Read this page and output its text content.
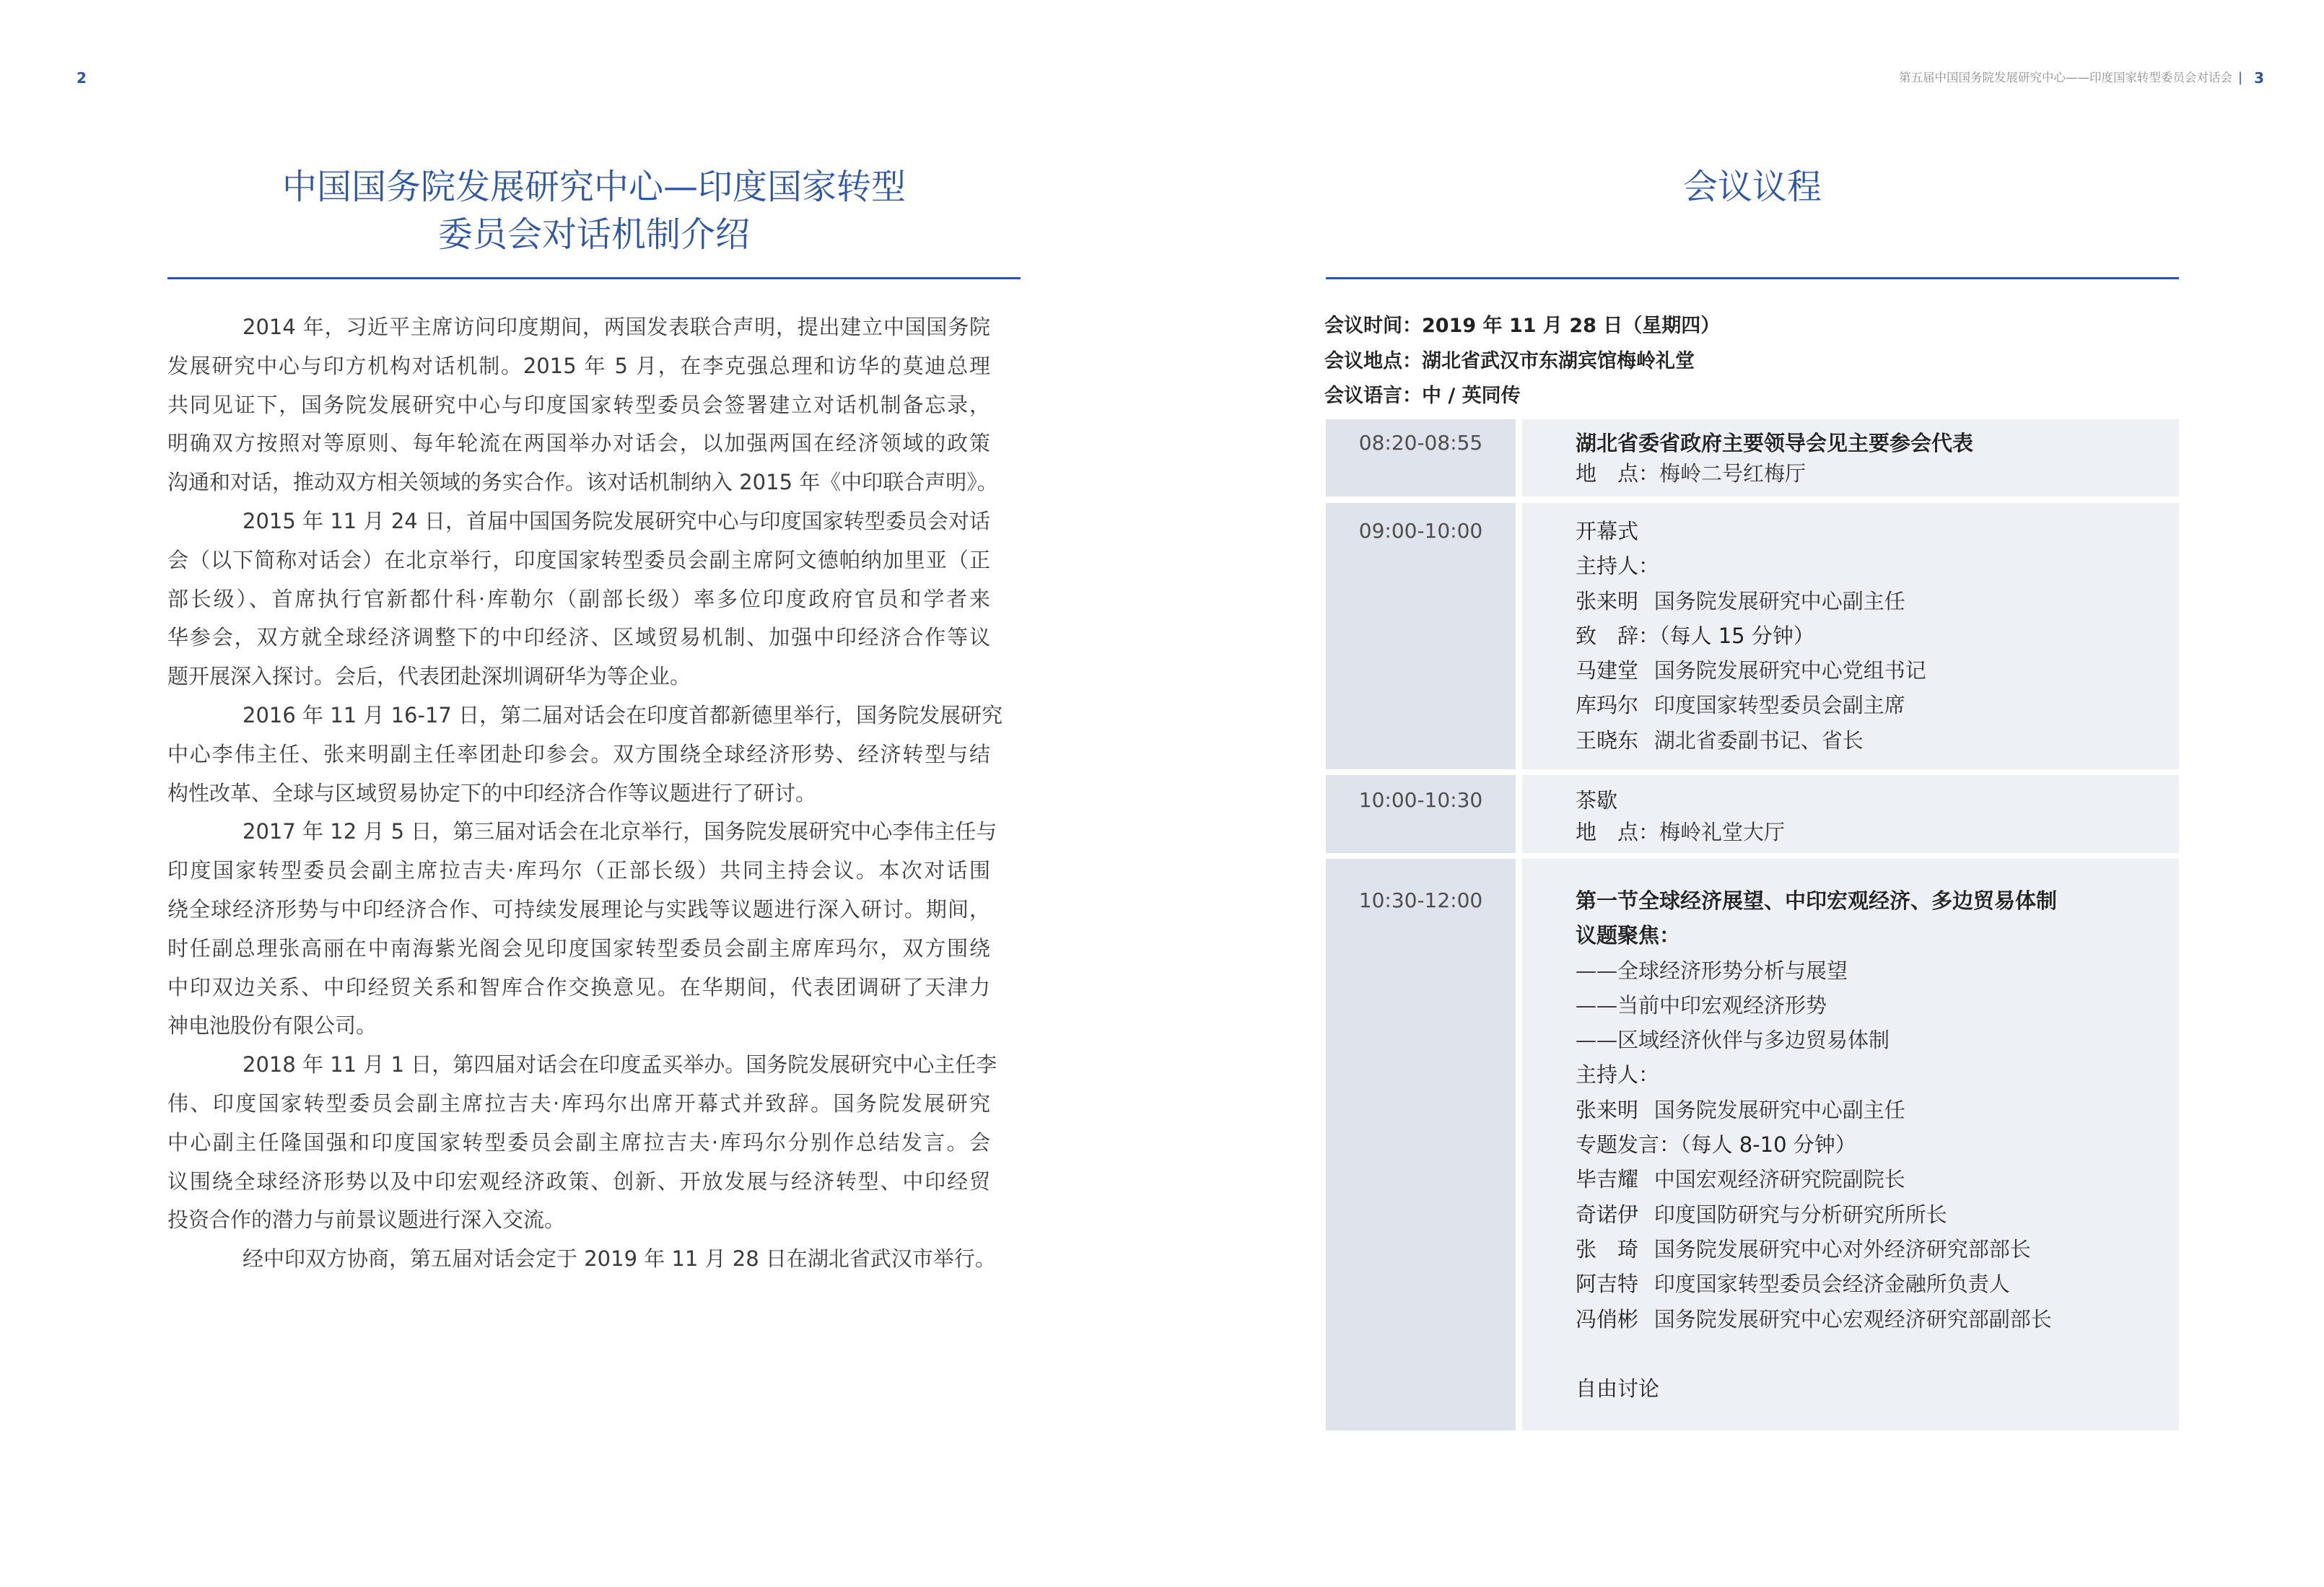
2
中国国务院发展研究中心—印度国家转型
委员会对话机制介绍
2014 年，习近平主席访问印度期间，两国发表联合声明，提出建立中国国务院
发展研究中心与印方机构对话机制。2015 年 5 月，在李克强总理和访华的莫迪总理
共同见证下，国务院发展研究中心与印度国家转型委员会签署建立对话机制备忘录，
明确双方按照对等原则、每年轮流在两国举办对话会，以加强两国在经济领域的政策
沟通和对话，推动双方相关领域的务实合作。该对话机制纳入 2015 年《中印联合声明》。
2015 年 11 月 24 日，首届中国国务院发展研究中心与印度国家转型委员会对话
会（以下简称对话会）在北京举行，印度国家转型委员会副主席阿文德帕纳加里亚（正
部长级）、首席执行官新都什科·库勒尔（副部长级）率多位印度政府官员和学者来
华参会，双方就全球经济调整下的中印经济、区域贸易机制、加强中印经济合作等议
题开展深入探讨。会后，代表团赴深圳调研华为等企业。
2016 年 11 月 16-17 日，第二届对话会在印度首都新德里举行，国务院发展研究
中心李伟主任、张来明副主任率团赴印参会。双方围绕全球经济形势、经济转型与结
构性改革、全球与区域贸易协定下的中印经济合作等议题进行了研讨。
2017 年 12 月 5 日，第三届对话会在北京举行，国务院发展研究中心李伟主任与
印度国家转型委员会副主席拉吉夫·库玛尔（正部长级）共同主持会议。本次对话围
绕全球经济形势与中印经济合作、可持续发展理论与实践等议题进行深入研讨。期间，
时任副总理张高丽在中南海紫光阁会见印度国家转型委员会副主席库玛尔，双方围绕
中印双边关系、中印经贸关系和智库合作交换意见。在华期间，代表团调研了天津力
神电池股份有限公司。
2018 年 11 月 1 日，第四届对话会在印度孟买举办。国务院发展研究中心主任李
伟、印度国家转型委员会副主席拉吉夫·库玛尔出席开幕式并致辞。国务院发展研究
中心副主任隆国强和印度国家转型委员会副主席拉吉夫·库玛尔分别作总结发言。会
议围绕全球经济形势以及中印宏观经济政策、创新、开放发展与经济转型、中印经贸
投资合作的潜力与前景议题进行深入交流。
经中印双方协商，第五届对话会定于 2019 年 11 月 28 日在湖北省武汉市举行。
第五届中国国务院发展研究中心——印度国家转型委员会对话会 | 3
会议议程
会议时间：2019 年 11 月 28 日（星期四）
会议地点：湖北省武汉市东湖宾馆梅岭礼堂
会议语言：中 / 英同传
08:20-08:55	湖北省委省政府主要领导会见主要参会代表
地　点：梅岭二号红梅厅
09:00-10:00	开幕式
主持人：
张来明 国务院发展研究中心副主任
致　辞：（每人 15 分钟）
马建堂 国务院发展研究中心党组书记
库玛尔 印度国家转型委员会副主席
王晓东 湖北省委副书记、省长
10:00-10:30	茶歇
地　点：梅岭礼堂大厅
10:30-12:00	第一节全球经济展望、中印宏观经济、多边贸易体制
议题聚焦：
——全球经济形势分析与展望
——当前中印宏观经济形势
——区域经济伙伴与多边贸易体制
主持人：
张来明 国务院发展研究中心副主任
专题发言：（每人 8-10 分钟）
毕吉耀 中国宏观经济研究院副院长
奇诺伊 印度国防研究与分析研究所所长
张　琦 国务院发展研究中心对外经济研究部部长
阿吉特 印度国家转型委员会经济金融所负责人
冯俏彬 国务院发展研究中心宏观经济研究部副部长
自由讨论
